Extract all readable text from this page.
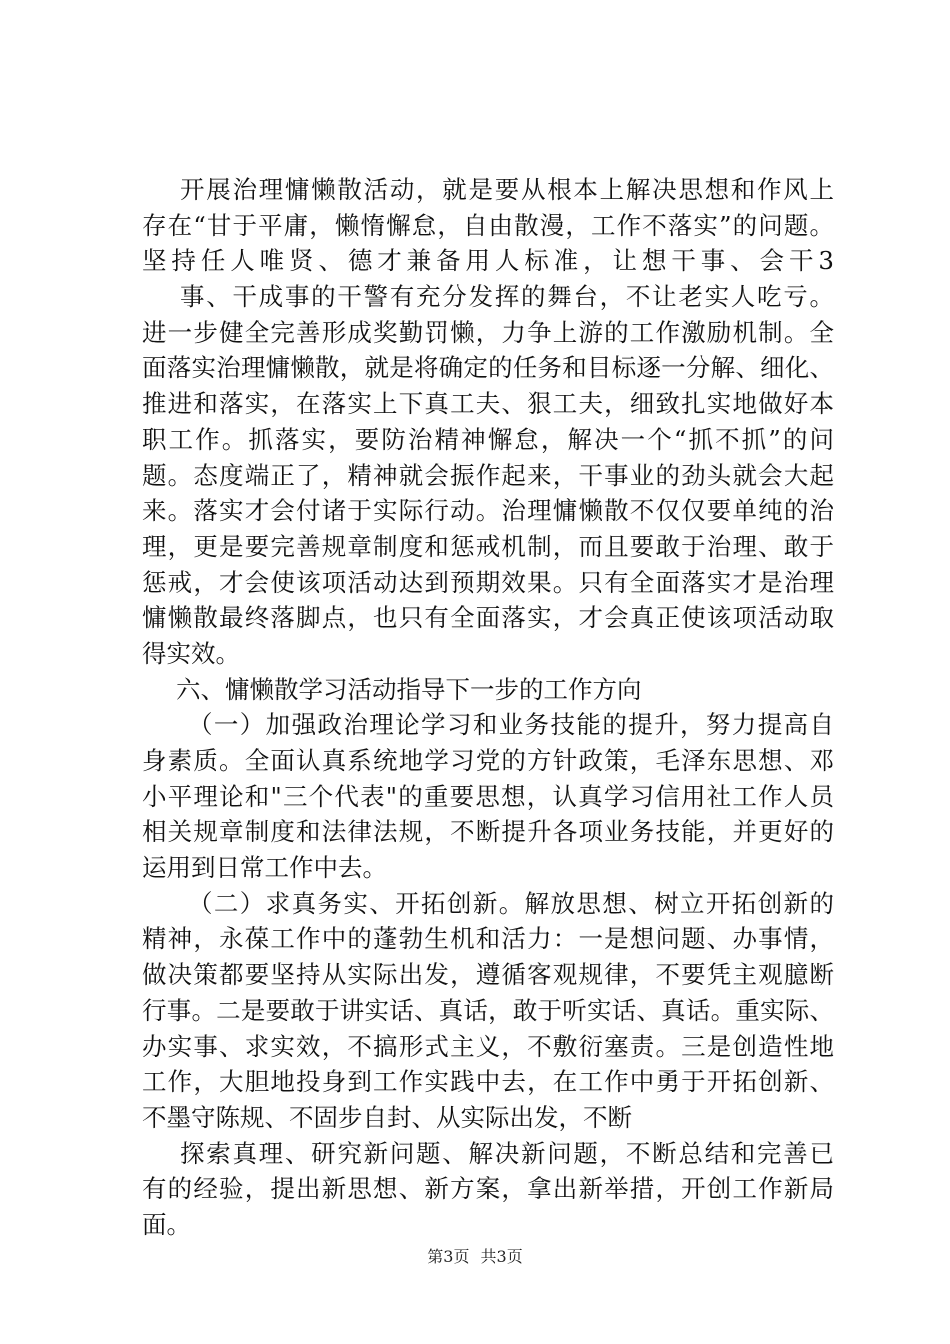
开展治理慵懒散活动，就是要从根本上解决思想和作风上
存在“甘于平庸，懒惰懈怠，自由散漫，工作不落实”的问题。
坚持任人唯贤、德才兼备用人标准，让想干事、会干3
事、干成事的干警有充分发挥的舞台，不让老实人吃亏。
进一步健全完善形成奖勤罚懒，力争上游的工作激励机制。全
面落实治理慵懒散，就是将确定的任务和目标逐一分解、细化、
推进和落实，在落实上下真工夫、狠工夫，细致扎实地做好本
职工作。抓落实，要防治精神懈怠，解决一个“抓不抓”的问
题。态度端正了，精神就会振作起来，干事业的劲头就会大起
来。落实才会付诸于实际行动。治理慵懒散不仅仅要单纯的治
理，更是要完善规章制度和惩戒机制，而且要敢于治理、敢于
惩戒，才会使该项活动达到预期效果。只有全面落实才是治理
慵懒散最终落脚点，也只有全面落实，才会真正使该项活动取
得实效。
六、慵懒散学习活动指导下一步的工作方向
（一）加强政治理论学习和业务技能的提升，努力提高自
身素质。全面认真系统地学习党的方针政策，毛泽东思想、邓
小平理论和"三个代表"的重要思想，认真学习信用社工作人员
相关规章制度和法律法规，不断提升各项业务技能，并更好的
运用到日常工作中去。
（二）求真务实、开拓创新。解放思想、树立开拓创新的
精神，永葆工作中的蓬勃生机和活力：一是想问题、办事情，
做决策都要坚持从实际出发，遵循客观规律，不要凭主观臆断
行事。二是要敢于讲实话、真话，敢于听实话、真话。重实际、
办实事、求实效，不搞形式主义，不敷衍塞责。三是创造性地
工作，大胆地投身到工作实践中去，在工作中勇于开拓创新、
不墨守陈规、不固步自封、从实际出发，不断
探索真理、研究新问题、解决新问题，不断总结和完善已
有的经验，提出新思想、新方案，拿出新举措，开创工作新局
面。
第3页 共3页
